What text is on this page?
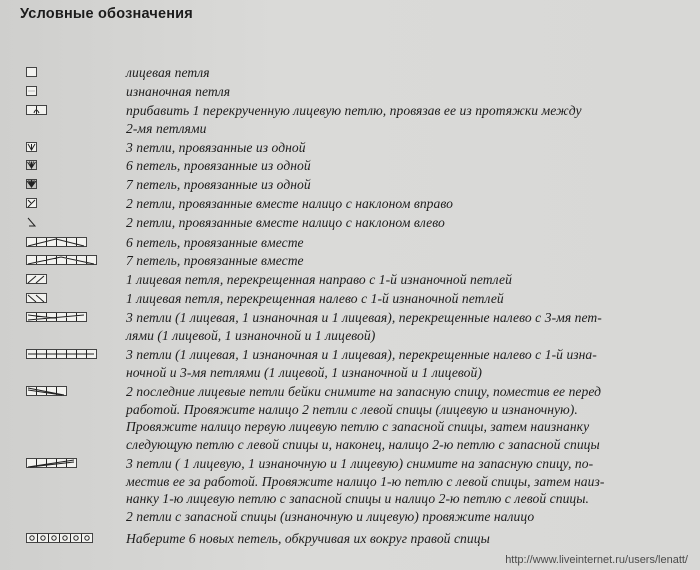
Условные обозначения
лицевая петля
изнаночная петля
прибавить 1 перекрученную лицевую петлю, провязав ее из протяжки между
2-мя петлями
3 петли, провязанные из одной
6 петель, провязанные из одной
7 петель, провязанные из одной
2 петли, провязанные вместе налицо с наклоном вправо
2 петли, провязанные вместе налицо с наклоном влево
6 петель, провязанные вместе
7 петель, провязанные вместе
1 лицевая петля, перекрещенная направо с 1-й изнаночной петлей
1 лицевая петля, перекрещенная налево с 1-й изнаночной петлей
3 петли (1 лицевая, 1 изнаночная и 1 лицевая), перекрещенные налево с 3-мя пет-
лями (1 лицевой, 1 изнаночной и 1 лицевой)
3 петли (1 лицевая, 1 изнаночная и 1 лицевая), перекрещенные налево с 1-й изна-
ночной и 3-мя петлями (1 лицевой, 1 изнаночной и 1 лицевой)
2 последние лицевые петли бейки снимите на запасную спицу, поместив ее перед
работой. Провяжите налицо 2 петли с левой спицы (лицевую и изнаночную).
Провяжите налицо первую лицевую петлю с запасной спицы, затем наизнанку
следующую петлю с левой спицы и, наконец, налицо 2-ю петлю с запасной спицы
3 петли ( 1 лицевую, 1 изнаночную и 1 лицевую) снимите на запасную спицу, по-
местив ее за работой. Провяжите налицо 1-ю петлю с левой спицы, затем наиз-
нанку 1-ю лицевую петлю с запасной спицы и налицо 2-ю петлю с левой спицы.
2 петли с запасной спицы (изнаночную и лицевую) провяжите налицо
Наберите 6 новых петель, обкручивая их вокруг правой спицы
http://www.liveinternet.ru/users/lenatt/
